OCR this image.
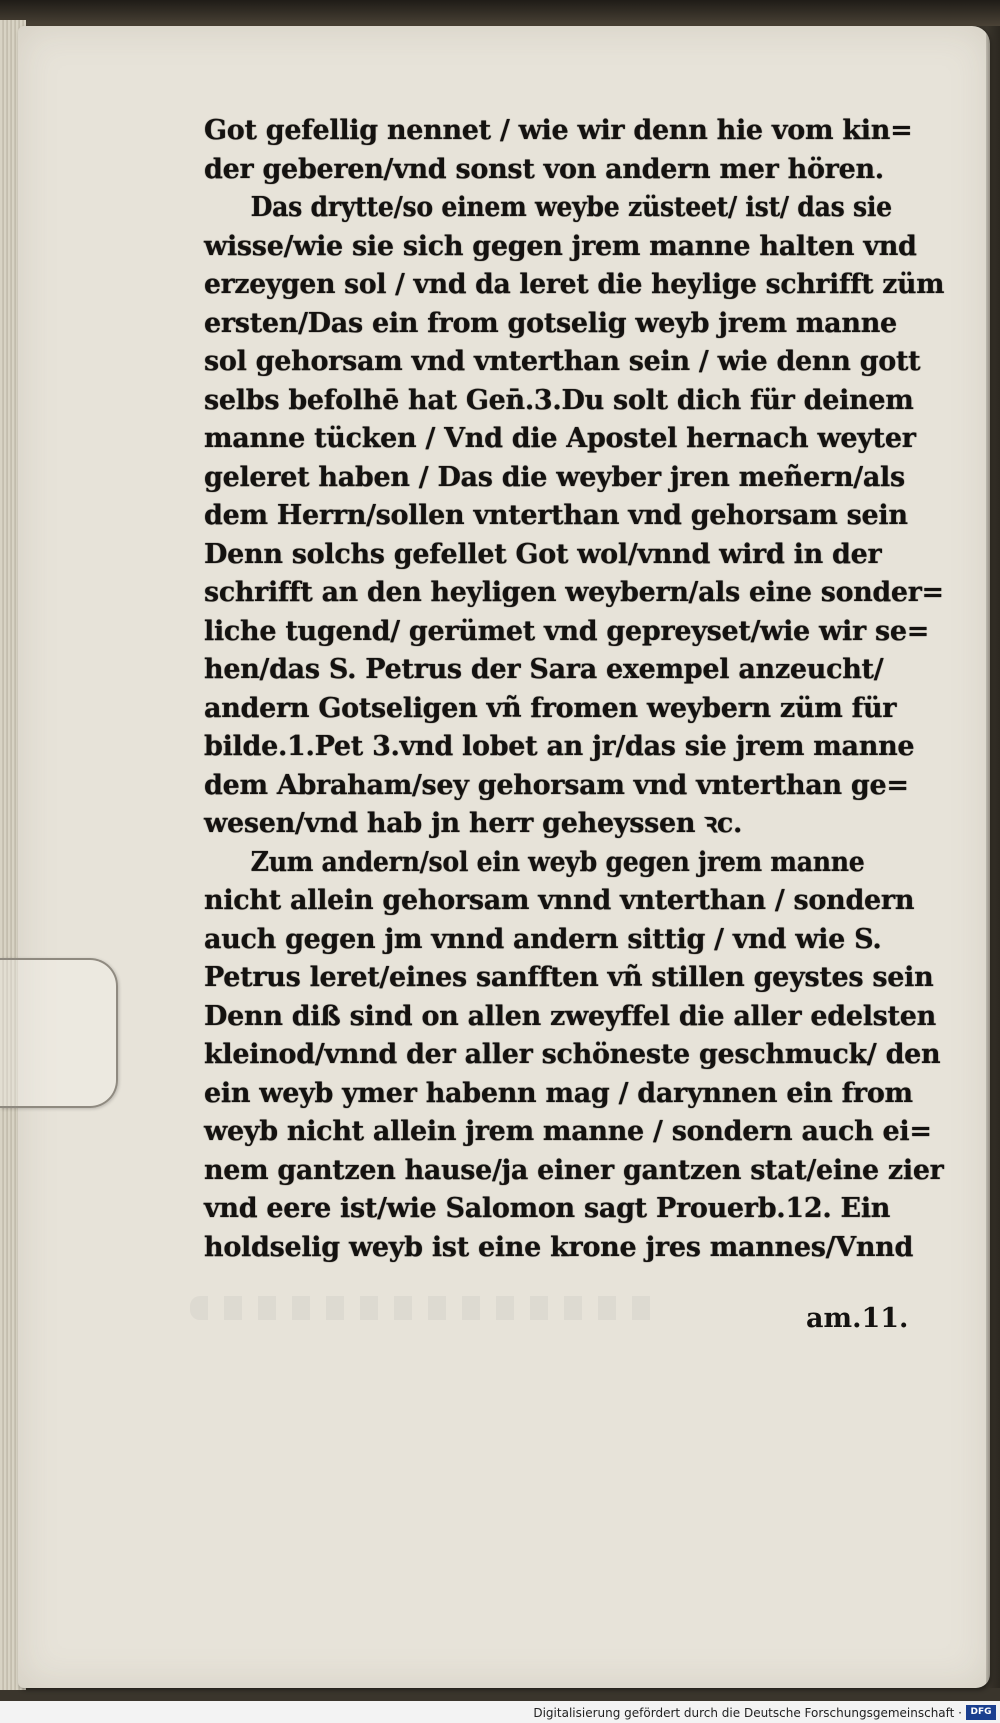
Got gefellig nennet / wie wir denn hie vom kin=
der geberen/vnd sonst von andern mer hören.
Das drytte/so einem weybe züsteet/ ist/ das sie
wisse/wie sie sich gegen jrem manne halten vnd
erzeygen sol / vnd da leret die heylige schrifft züm
ersten/Das ein from gotselig weyb jrem manne
sol gehorsam vnd vnterthan sein / wie denn gott
selbs befolhē hat Gen̄.3.Du solt dich für deinem
manne tücken / Vnd die Apostel hernach weyter
geleret haben / Das die weyber jren meñern/als
dem Herrn/sollen vnterthan vnd gehorsam sein
Denn solchs gefellet Got wol/vnnd wird in der
schrifft an den heyligen weybern/als eine sonder=
liche tugend/ gerümet vnd gepreyset/wie wir se=
hen/das S. Petrus der Sara exempel anzeucht/
andern Gotseligen vñ fromen weybern züm für
bilde.1.Pet 3.vnd lobet an jr/das sie jrem manne
dem Abraham/sey gehorsam vnd vnterthan ge=
wesen/vnd hab jn herr geheyssen ꝛc.
Zum andern/sol ein weyb gegen jrem manne
nicht allein gehorsam vnnd vnterthan / sondern
auch gegen jm vnnd andern sittig / vnd wie S.
Petrus leret/eines sanfften vñ stillen geystes sein
Denn diß sind on allen zweyffel die aller edelsten
kleinod/vnnd der aller schöneste geschmuck/ den
ein weyb ymer habenn mag / darynnen ein from
weyb nicht allein jrem manne / sondern auch ei=
nem gantzen hause/ja einer gantzen stat/eine zier
vnd eere ist/wie Salomon sagt Prouerb.12. Ein
holdselig weyb ist eine krone jres mannes/Vnnd
am.11.
Digitalisierung gefördert durch die Deutsche Forschungsgemeinschaft · DFG
